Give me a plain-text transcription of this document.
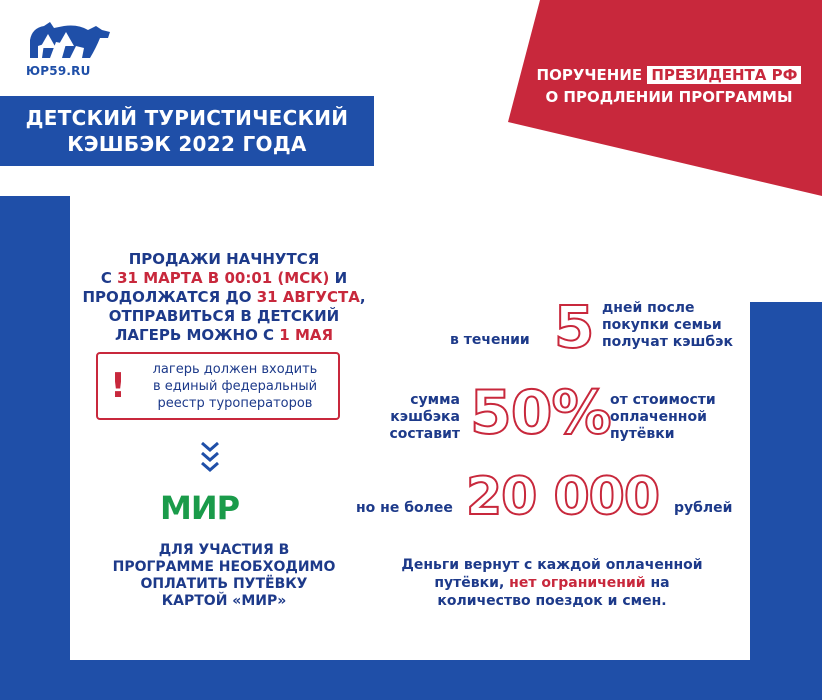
ЮР59.RU
ДЕТСКИЙ ТУРИСТИЧЕСКИЙ
КЭШБЭК 2022 ГОДА
ПОРУЧЕНИЕ ПРЕЗИДЕНТА РФ
О ПРОДЛЕНИИ ПРОГРАММЫ
ПРОДАЖИ НАЧНУТСЯ
С 31 МАРТА В 00:01 (МСК) И
ПРОДОЛЖАТСЯ ДО 31 АВГУСТА,
ОТПРАВИТЬСЯ В ДЕТСКИЙ
ЛАГЕРЬ МОЖНО С 1 МАЯ
!	лагерь должен входить
в единый федеральный
реестр туроператоров
МИР
ДЛЯ УЧАСТИЯ В
ПРОГРАММЕ НЕОБХОДИМО
ОПЛАТИТЬ ПУТЁВКУ
КАРТОЙ «МИР»
в течении 5 дней после
покупки семьи
получат кэшбэк
сумма
кэшбэка
составит 50% от стоимости
оплаченной
путёвки
но не более 20 000 рублей
Деньги вернут с каждой оплаченной
путёвки, нет ограничений на
количество поездок и смен.
